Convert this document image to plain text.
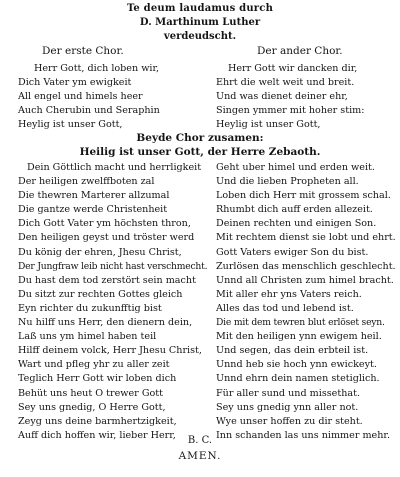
Te deum laudamus durch
D. Marthinum Luther
verdeudscht.
Der erste Chor.	Der ander Chor.
Herr Gott, dich loben wir,
Dich Vater ym ewigkeit
All engel und himels heer
Auch Cherubin und Seraphin
Heylig ist unser Gott,
Herr Gott wir dancken dir,
Ehrt die welt weit und breit.
Und was dienet deiner ehr,
Singen ymmer mit hoher stim:
Heylig ist unser Gott,
Beyde Chor zusamen:
Heilig ist unser Gott, der Herre Zebaoth.
Dein Göttlich macht und herrligkeit
Der heiligen zwelffboten zal
Die thewren Marterer allzumal
Die gantze werde Christenheit
Dich Gott Vater ym höchsten thron,
Den heiligen geyst und tröster werd
Du könig der ehren, Jhesu Christ,
Der Jungfraw leib nicht hast verschmecht.
Du hast dem tod zerstört sein macht
Du sitzt zur rechten Gottes gleich
Eyn richter du zukunfftig bist
Nu hilff uns Herr, den dienern dein,
Laß uns ym himel haben teil
Hilff deinem volck, Herr Jhesu Christ,
Wart und pfleg yhr zu aller zeit
Teglich Herr Gott wir loben dich
Behüt uns heut O trewer Gott
Sey uns gnedig, O Herre Gott,
Zeyg uns deine barmhertzigkeit,
Auff dich hoffen wir, lieber Herr,
Geht uber himel und erden weit.
Und die lieben Propheten all.
Loben dich Herr mit grossem schal.
Rhumbt dich auff erden allezeit.
Deinen rechten und einigen Son.
Mit rechtem dienst sie lobt und ehrt.
Gott Vaters ewiger Son du bist.
Zurlösen das menschlich geschlecht.
Unnd all Christen zum himel bracht.
Mit aller ehr yns Vaters reich.
Alles das tod und lebend ist.
Die mit dem tewren blut erlöset seyn.
Mit den heiligen ynn ewigem heil.
Und segen, das dein erbteil ist.
Unnd heb sie hoch ynn ewickeyt.
Unnd ehrn dein namen stetiglich.
Für aller sund und missethat.
Sey uns gnedig ynn aller not.
Wye unser hoffen zu dir steht.
Inn schanden las uns nimmer mehr.
B. C.
AMEN.
